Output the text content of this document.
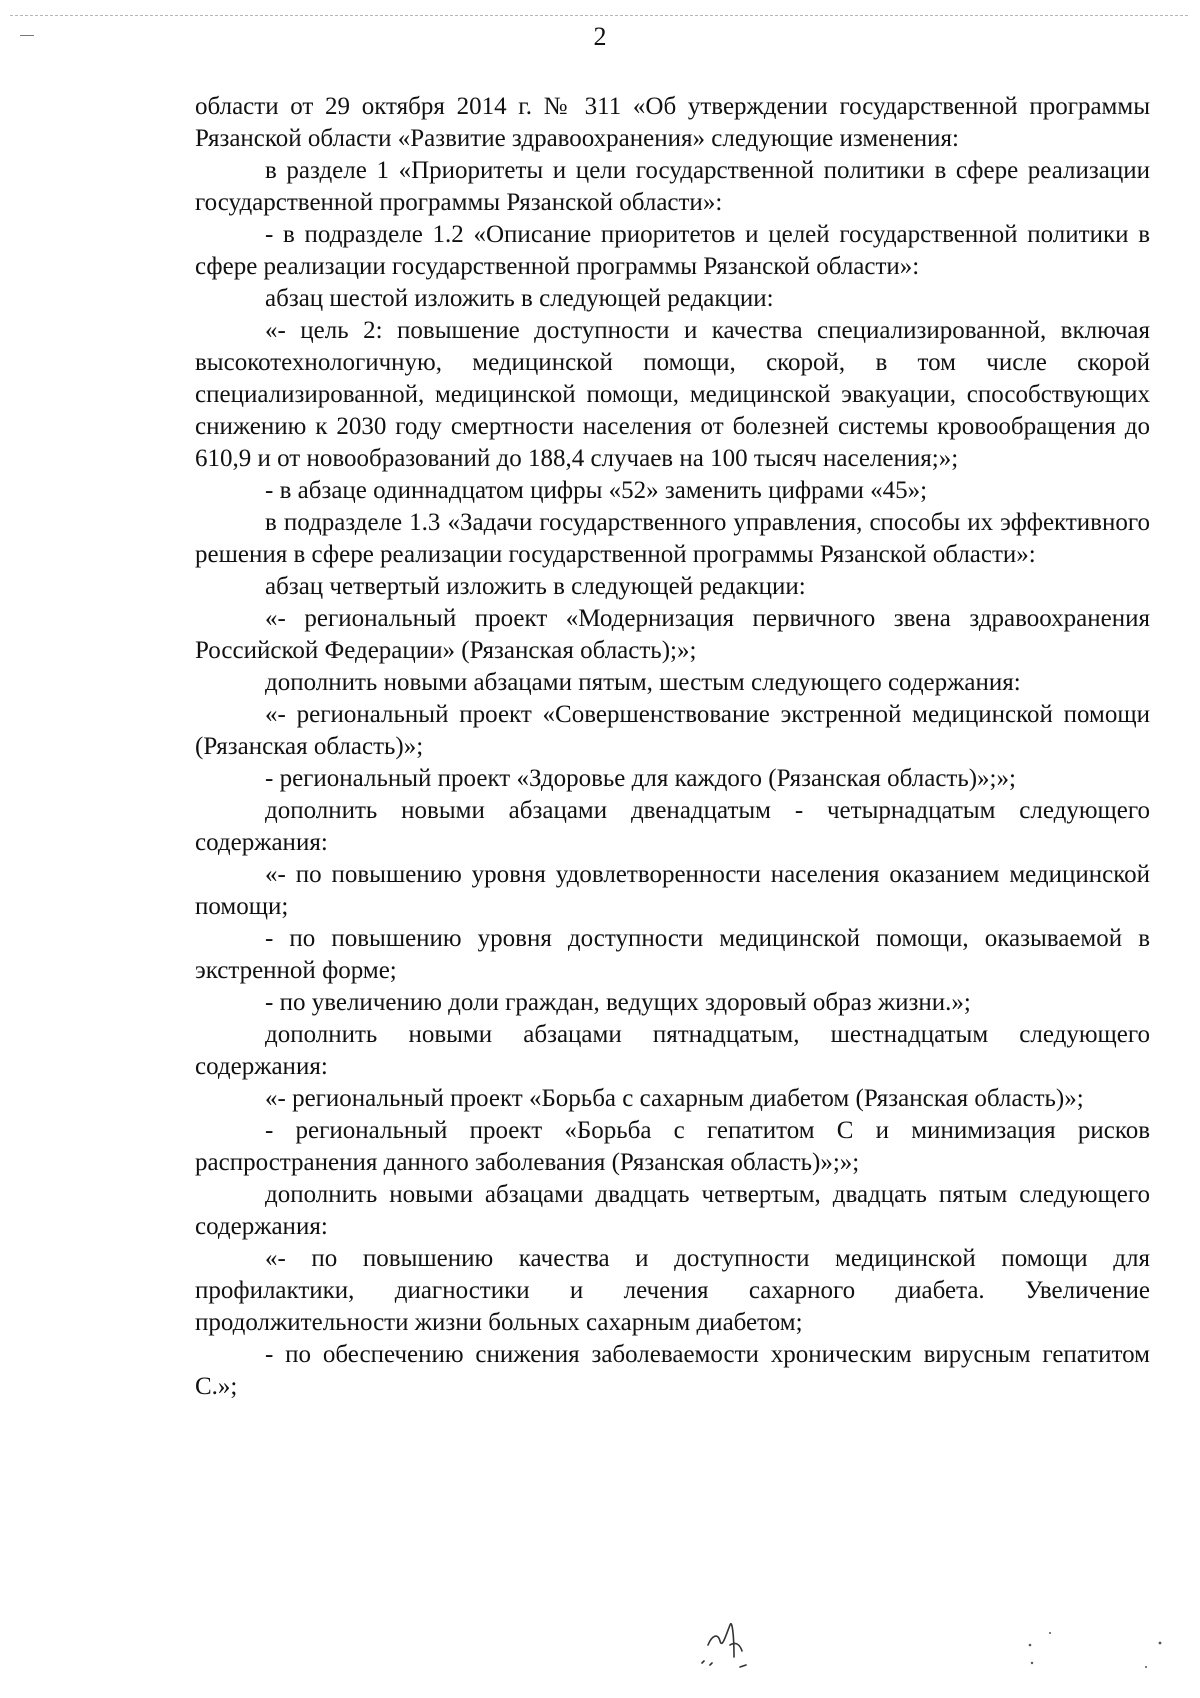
2

области от 29 октября 2014 г. № 311 «Об утверждении государственной программы Рязанской области «Развитие здравоохранения» следующие изменения:

в разделе 1 «Приоритеты и цели государственной политики в сфере реализации государственной программы Рязанской области»:

- в подразделе 1.2 «Описание приоритетов и целей государственной политики в сфере реализации государственной программы Рязанской области»:

абзац шестой изложить в следующей редакции:

«- цель 2: повышение доступности и качества специализированной, включая высокотехнологичную, медицинской помощи, скорой, в том числе скорой специализированной, медицинской помощи, медицинской эвакуации, способствующих снижению к 2030 году смертности населения от болезней системы кровообращения до 610,9 и от новообразований до 188,4 случаев на 100 тысяч населения;»;

- в абзаце одиннадцатом цифры «52» заменить цифрами «45»;

в подразделе 1.3 «Задачи государственного управления, способы их эффективного решения в сфере реализации государственной программы Рязанской области»:

абзац четвертый изложить в следующей редакции:

«- региональный проект «Модернизация первичного звена здравоохранения Российской Федерации» (Рязанская область);»;

дополнить новыми абзацами пятым, шестым следующего содержания:

«- региональный проект «Совершенствование экстренной медицинской помощи (Рязанская область)»;

- региональный проект «Здоровье для каждого (Рязанская область)»;»;

дополнить новыми абзацами двенадцатым - четырнадцатым следующего содержания:

«- по повышению уровня удовлетворенности населения оказанием медицинской помощи;

- по повышению уровня доступности медицинской помощи, оказываемой в экстренной форме;

- по увеличению доли граждан, ведущих здоровый образ жизни.»;

дополнить новыми абзацами пятнадцатым, шестнадцатым следующего содержания:

«- региональный проект «Борьба с сахарным диабетом (Рязанская область)»;

- региональный проект «Борьба с гепатитом С и минимизация рисков распространения данного заболевания (Рязанская область)»;»;

дополнить новыми абзацами двадцать четвертым, двадцать пятым следующего содержания:

«- по повышению качества и доступности медицинской помощи для профилактики, диагностики и лечения сахарного диабета. Увеличение продолжительности жизни больных сахарным диабетом;

- по обеспечению снижения заболеваемости хроническим вирусным гепатитом С.»;
